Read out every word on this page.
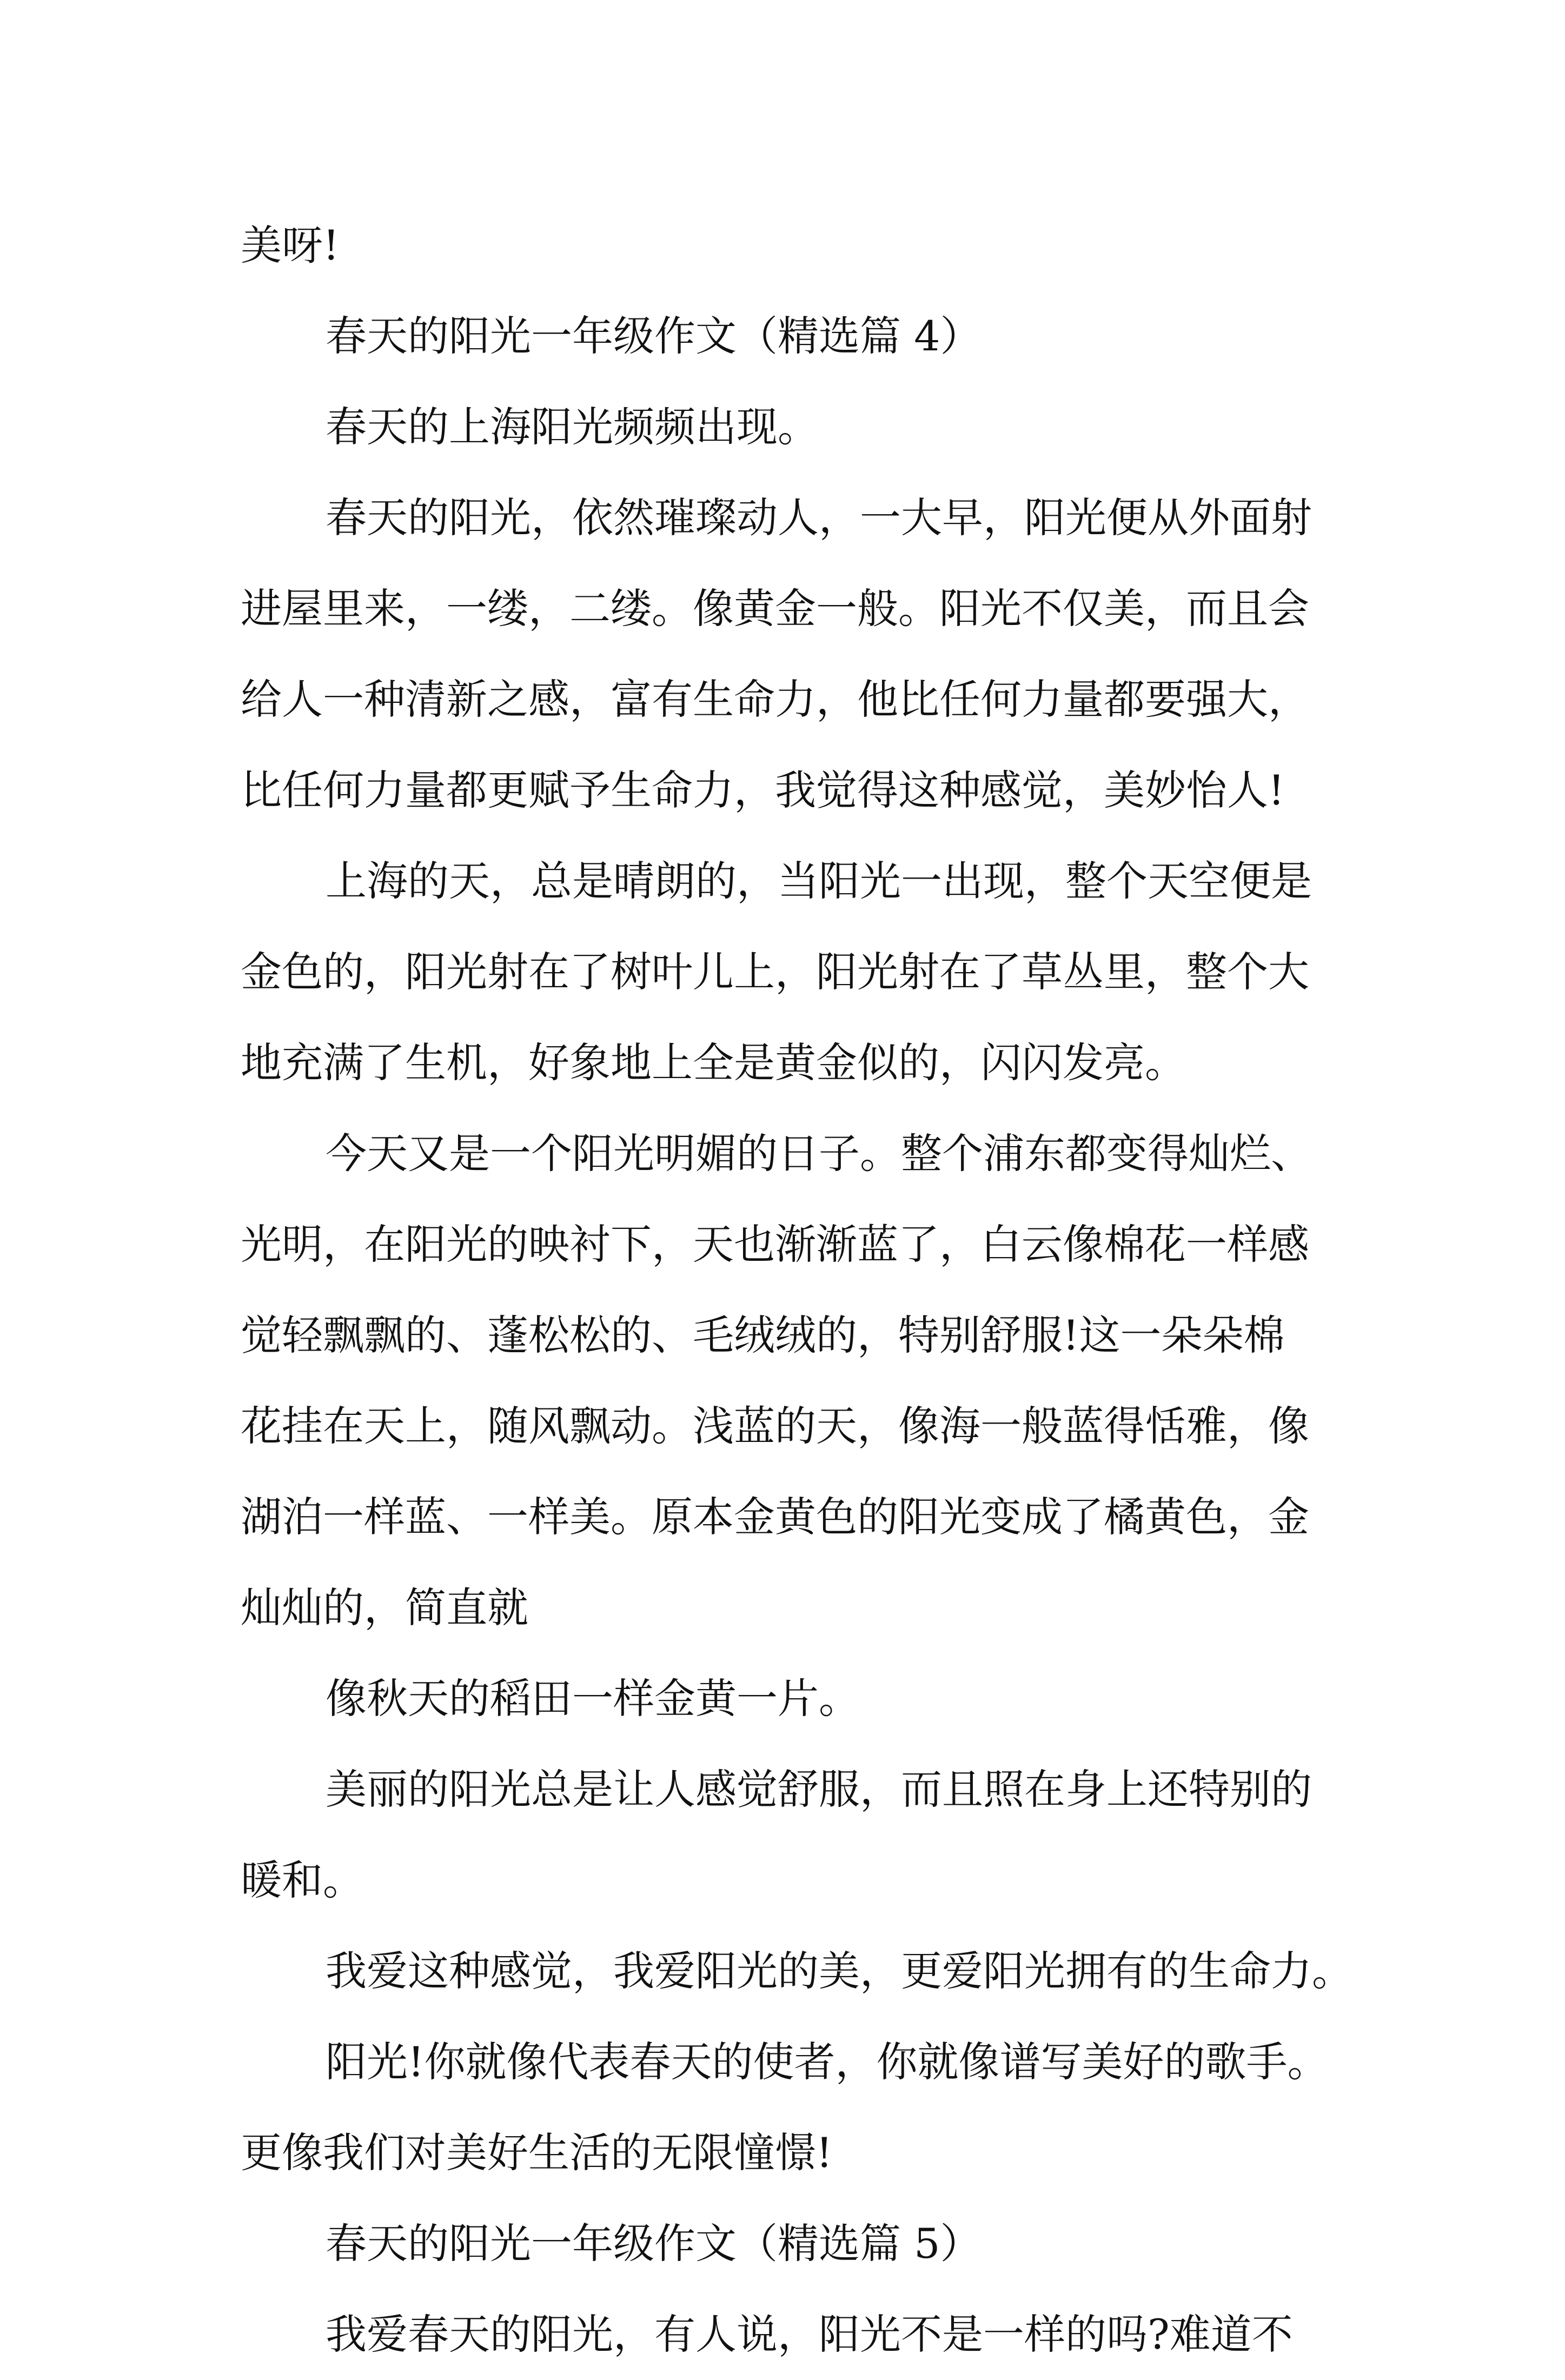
美呀!
春天的阳光一年级作文（精选篇 4）
春天的上海阳光频频出现。
春天的阳光，依然璀璨动人，一大早，阳光便从外面射
进屋里来，一缕，二缕。像黄金一般。阳光不仅美，而且会
给人一种清新之感，富有生命力，他比任何力量都要强大，
比任何力量都更赋予生命力，我觉得这种感觉，美妙怡人!
上海的天，总是晴朗的，当阳光一出现，整个天空便是
金色的，阳光射在了树叶儿上，阳光射在了草丛里，整个大
地充满了生机，好象地上全是黄金似的，闪闪发亮。
今天又是一个阳光明媚的日子。整个浦东都变得灿烂、
光明，在阳光的映衬下，天也渐渐蓝了，白云像棉花一样感
觉轻飘飘的、蓬松松的、毛绒绒的，特别舒服!这一朵朵棉
花挂在天上，随风飘动。浅蓝的天，像海一般蓝得恬雅，像
湖泊一样蓝、一样美。原本金黄色的阳光变成了橘黄色，金
灿灿的，简直就
像秋天的稻田一样金黄一片。
美丽的阳光总是让人感觉舒服，而且照在身上还特别的
暖和。
我爱这种感觉，我爱阳光的美，更爱阳光拥有的生命力。
阳光!你就像代表春天的使者，你就像谱写美好的歌手。
更像我们对美好生活的无限憧憬!
春天的阳光一年级作文（精选篇 5）
我爱春天的阳光，有人说，阳光不是一样的吗?难道不
